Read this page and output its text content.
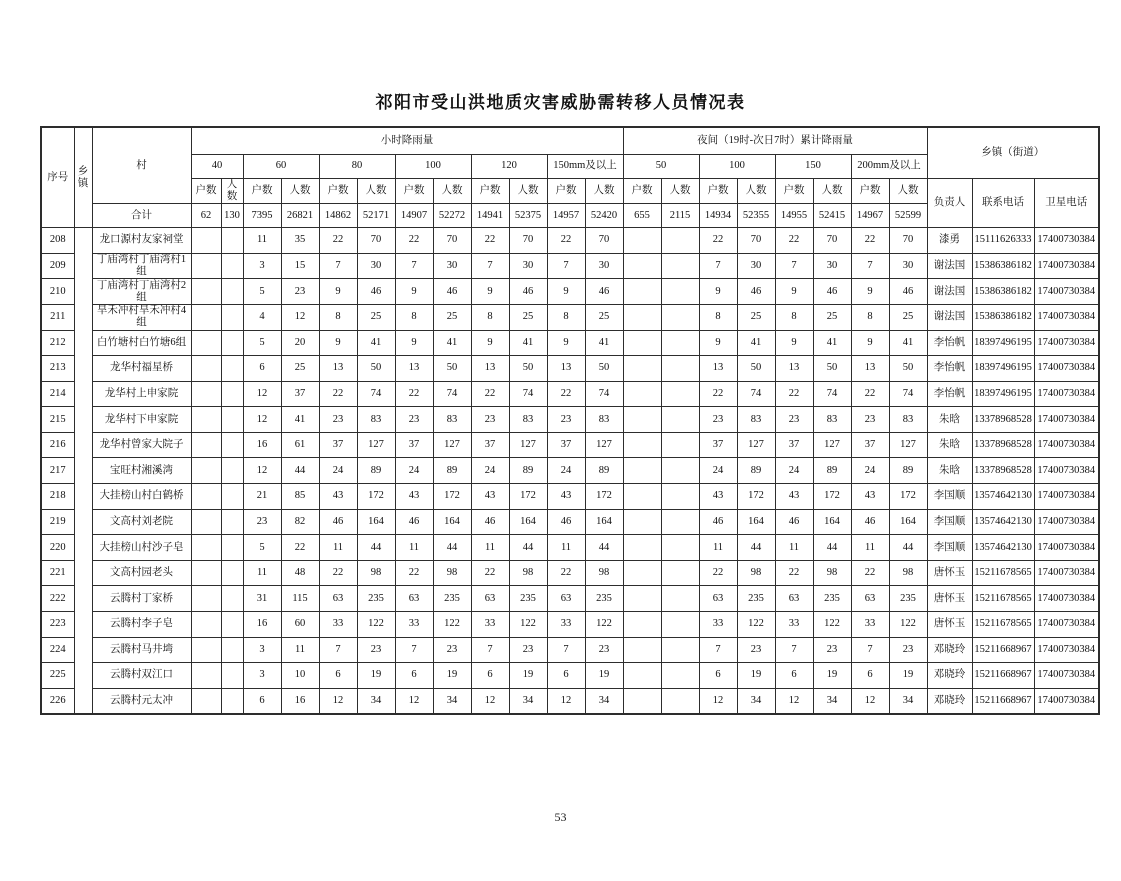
祁阳市受山洪地质灾害威胁需转移人员情况表
序号	乡镇	村	小时降雨量												夜间（19时-次日7时）累计降雨量								乡镇（街道）		
			40		60		80		100		120		150mm及以上		50		100		150		200mm及以上				
			户数	人数	户数	人数	户数	人数	户数	人数	户数	人数	户数	人数	户数	人数	户数	人数	户数	人数	户数	人数	负责人	联系电话	卫星电话
		合计	62	130	7395	26821	14862	52171	14907	52272	14941	52375	14957	52420	655	2115	14934	52355	14955	52415	14967	52599			
208		龙口源村友家祠堂			11	35	22	70	22	70	22	70	22	70			22	70	22	70	22	70	漆勇	15111626333	17400730384
209		丁庙湾村丁庙湾村1组			3	15	7	30	7	30	7	30	7	30			7	30	7	30	7	30	谢法国	15386386182	17400730384
210		丁庙湾村丁庙湾村2组			5	23	9	46	9	46	9	46	9	46			9	46	9	46	9	46	谢法国	15386386182	17400730384
211		旱禾冲村旱禾冲村4组			4	12	8	25	8	25	8	25	8	25			8	25	8	25	8	25	谢法国	15386386182	17400730384
212		白竹塘村白竹塘6组			5	20	9	41	9	41	9	41	9	41			9	41	9	41	9	41	李怡帆	18397496195	17400730384
213		龙华村福星桥			6	25	13	50	13	50	13	50	13	50			13	50	13	50	13	50	李怡帆	18397496195	17400730384
214		龙华村上申家院			12	37	22	74	22	74	22	74	22	74			22	74	22	74	22	74	李怡帆	18397496195	17400730384
215		龙华村下申家院			12	41	23	83	23	83	23	83	23	83			23	83	23	83	23	83	朱晗	13378968528	17400730384
216		龙华村曾家大院子			16	61	37	127	37	127	37	127	37	127			37	127	37	127	37	127	朱晗	13378968528	17400730384
217		宝旺村湘溪湾			12	44	24	89	24	89	24	89	24	89			24	89	24	89	24	89	朱晗	13378968528	17400730384
218		大挂榜山村白鹤桥			21	85	43	172	43	172	43	172	43	172			43	172	43	172	43	172	李国顺	13574642130	17400730384
219		文高村刘老院			23	82	46	164	46	164	46	164	46	164			46	164	46	164	46	164	李国顺	13574642130	17400730384
220		大挂榜山村沙子皂			5	22	11	44	11	44	11	44	11	44			11	44	11	44	11	44	李国顺	13574642130	17400730384
221		文高村园老头			11	48	22	98	22	98	22	98	22	98			22	98	22	98	22	98	唐怀玉	15211678565	17400730384
222		云腾村丁家桥			31	115	63	235	63	235	63	235	63	235			63	235	63	235	63	235	唐怀玉	15211678565	17400730384
223		云腾村李子皂			16	60	33	122	33	122	33	122	33	122			33	122	33	122	33	122	唐怀玉	15211678565	17400730384
224		云腾村马井塆			3	11	7	23	7	23	7	23	7	23			7	23	7	23	7	23	邓晓玲	15211668967	17400730384
225		云腾村双江口			3	10	6	19	6	19	6	19	6	19			6	19	6	19	6	19	邓晓玲	15211668967	17400730384
226		云腾村元太冲			6	16	12	34	12	34	12	34	12	34			12	34	12	34	12	34	邓晓玲	15211668967	17400730384
53
